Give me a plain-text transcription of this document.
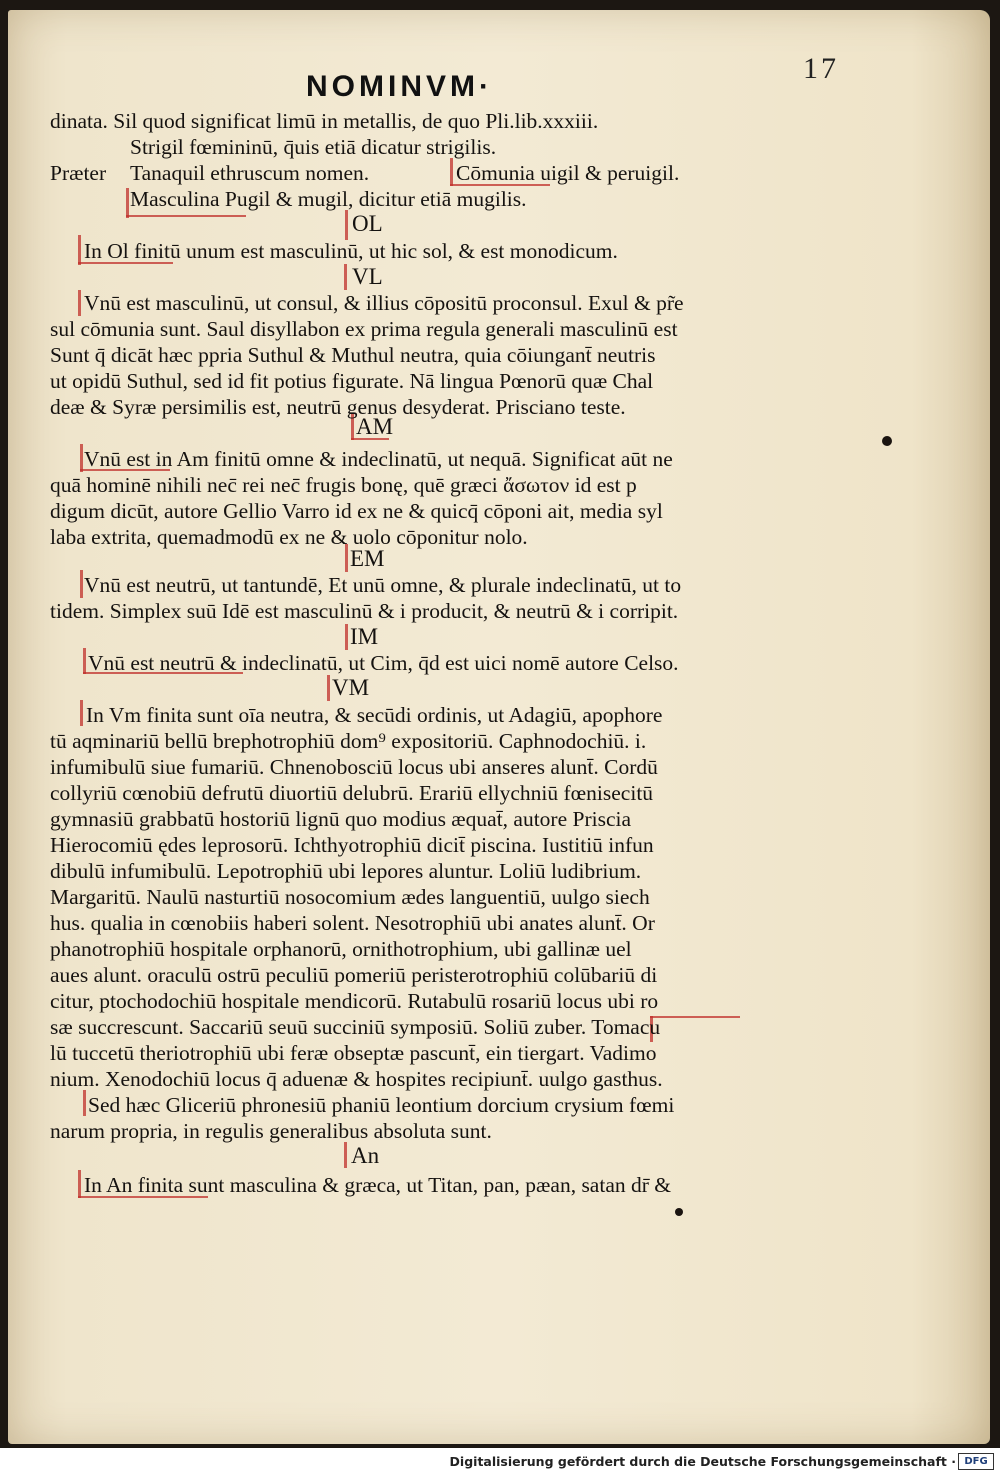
17
NOMINVM·
dinata. Sil quod significat limū in metallis, de quo Pli.lib.xxxiii.
Strigil fœmininū, q̄uis etiā dicatur strigilis.
Præter Tanaquil ethruscum nomen.	Cōmunia uigil & peruigil.
Masculina Pugil & mugil, dicitur etiā mugilis.
OL
In Ol finitū unum est masculinū, ut hic sol, & est monodicum.
VL
Vnū est masculinū, ut consul, & illius cōpositū proconsul. Exul & pr̃e
sul cōmunia sunt. Saul disyllabon ex prima regula generali masculinū est
Sunt q̄ dicāt hæc ppria Suthul & Muthul neutra, quia cōiungant̄ neutris
ut opidū Suthul, sed id fit potius figurate. Nā lingua Pœnorū quæ Chal
deæ & Syræ persimilis est, neutrū genus desyderat. Prisciano teste.
AM
Vnū est in Am finitū omne & indeclinatū, ut nequā. Significat aūt ne
quā hominē nihili nec̄ rei nec̄ frugis bonę, quē græci ἄσωτον id est p
digum dicūt, autore Gellio Varro id ex ne & quicq̄ cōponi ait, media syl
laba extrita, quemadmodū ex ne & uolo cōponitur nolo.
EM
Vnū est neutrū, ut tantundē, Et unū omne, & plurale indeclinatū, ut to
tidem. Simplex suū Idē est masculinū & i producit, & neutrū & i corripit.
IM
Vnū est neutrū & indeclinatū, ut Cim, q̄d est uici nomē autore Celso.
VM
In Vm finita sunt oīa neutra, & secūdi ordinis, ut Adagiū, apophore
tū aqminariū bellū brephotrophiū dom⁹ expositoriū. Caphnodochiū. i.
infumibulū siue fumariū. Chnenobosciū locus ubi anseres alunt̄. Cordū
collyriū cœnobiū defrutū diuortiū delubrū. Erariū ellychniū fœnisecitū
gymnasiū grabbatū hostoriū lignū quo modius æquat̄, autore Priscia
Hierocomiū ędes leprosorū. Ichthyotrophiū dicit̄ piscina. Iustitiū infun
dibulū infumibulū. Lepotrophiū ubi lepores aluntur. Loliū ludibrium.
Margaritū. Naulū nasturtiū nosocomium ædes languentiū, uulgo siech
hus. qualia in cœnobiis haberi solent. Nesotrophiū ubi anates alunt̄. Or
phanotrophiū hospitale orphanorū, ornithotrophium, ubi gallinæ uel
aues alunt. oraculū ostrū peculiū pomeriū peristerotrophiū colūbariū di
citur, ptochodochiū hospitale mendicorū. Rutabulū rosariū locus ubi ro
sæ succrescunt. Saccariū seuū succiniū symposiū. Soliū zuber. Tomacu
lū tuccetū theriotrophiū ubi feræ obseptæ pascunt̄, ein tiergart. Vadimo
nium. Xenodochiū locus q̄ aduenæ & hospites recipiunt̄. uulgo gasthus.
Sed hæc Gliceriū phronesiū phaniū leontium dorcium crysium fœmi
narum propria, in regulis generalibus absoluta sunt.
An
In An finita sunt masculina & græca, ut Titan, pan, pæan, satan dr̄ &
Digitalisierung gefördert durch die Deutsche Forschungsgemeinschaft · DFG
